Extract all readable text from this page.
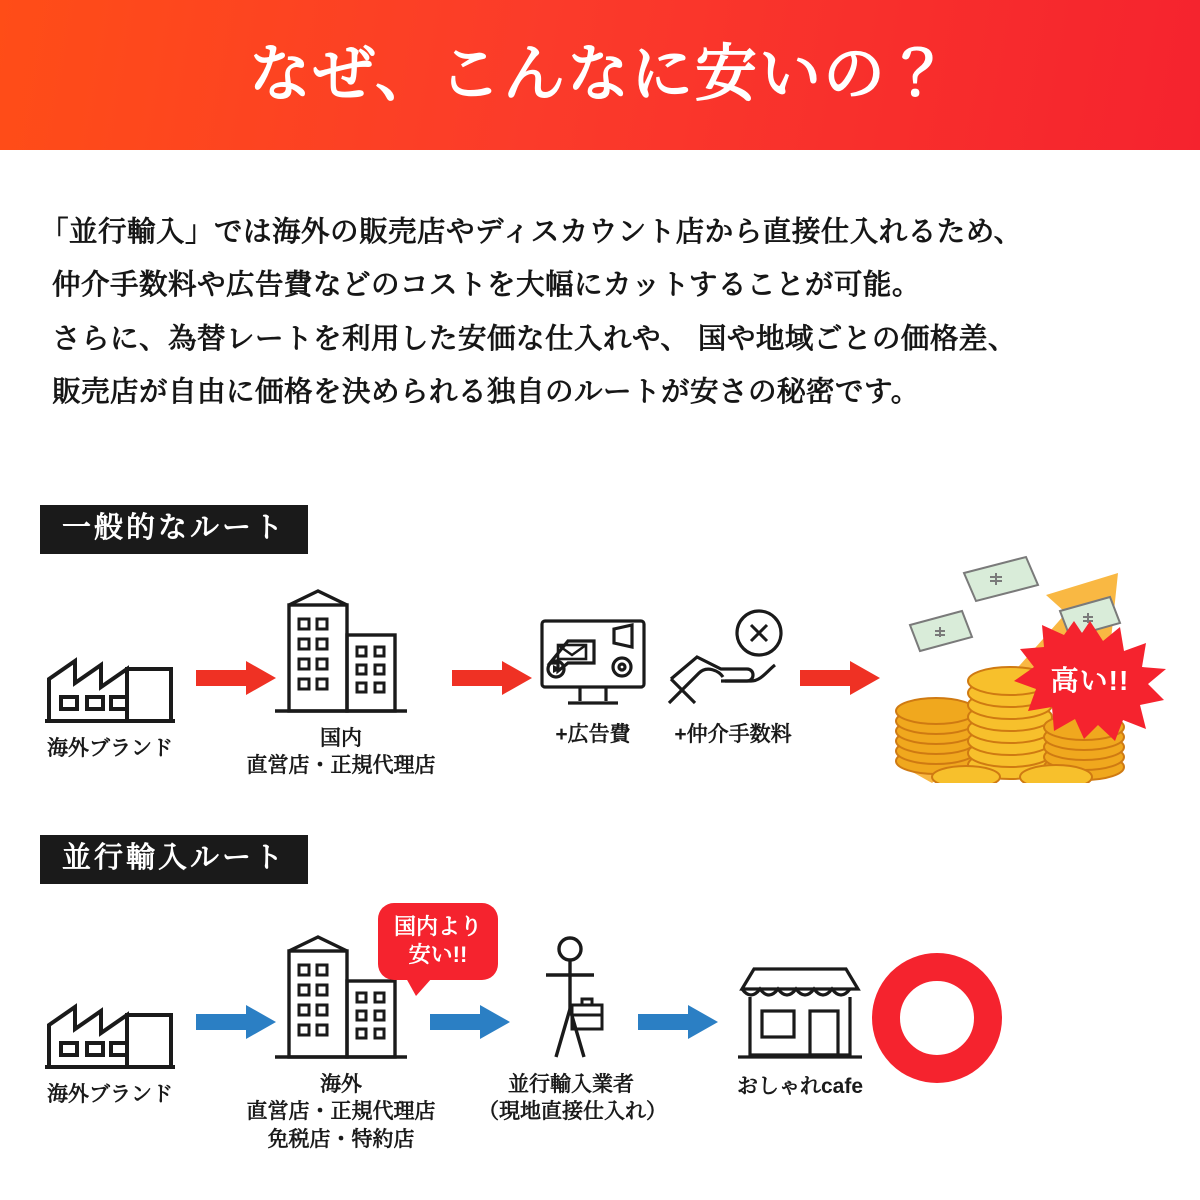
なぜ、こんなに安いの？

「並行輸入」では海外の販売店やディスカウント店から直接仕入れるため、

仲介手数料や広告費などのコストを大幅にカットすることが可能。

さらに、為替レートを利用した安価な仕入れや、 国や地域ごとの価格差、

販売店が自由に価格を決められる独自のルートが安さの秘密です。

一般的なルート
海外ブランド	国内
直営店・正規代理店
+広告費	+仲介手数料
高い!!
並行輸入ルート
海外ブランド	海外
直営店・正規代理店
免税店・特約店
国内より
安い!!
並行輸入業者
（現地直接仕入れ）
おしゃれcafe
